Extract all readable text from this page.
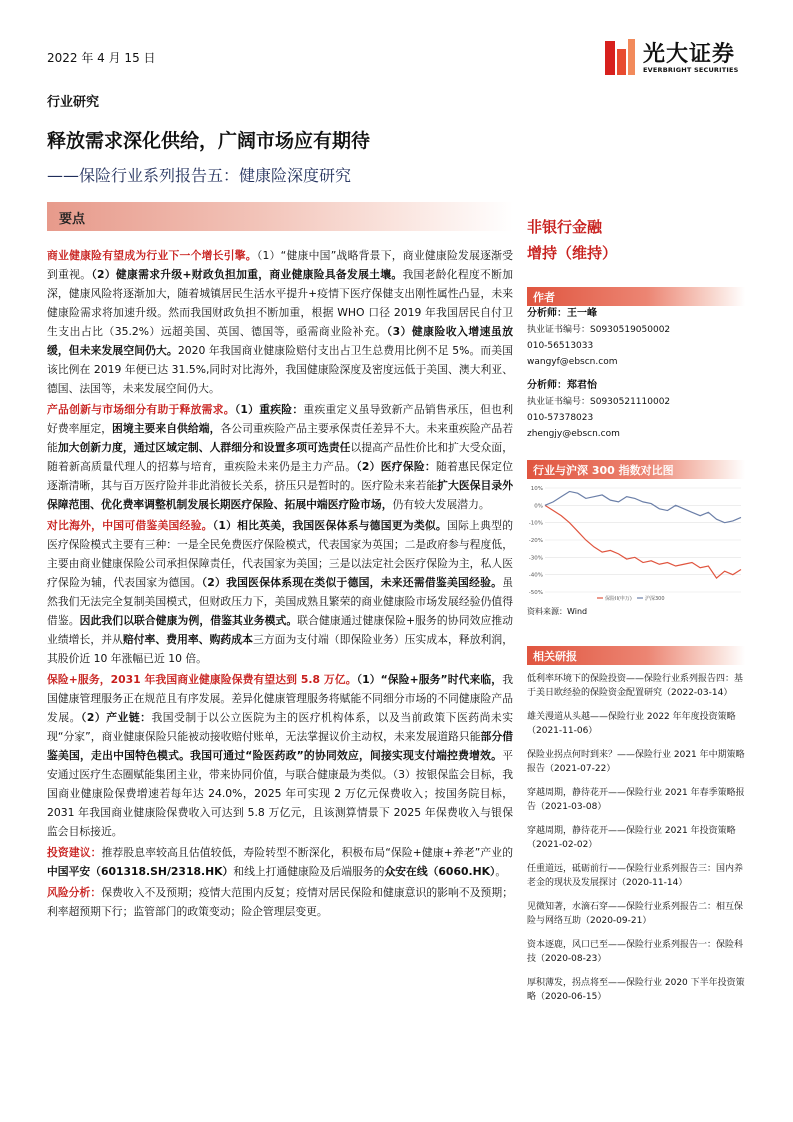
2022 年 4 月 15 日	光大证券
EVERBRIGHT SECURITIES
行业研究
释放需求深化供给，广阔市场应有期待
——保险行业系列报告五：健康险深度研究
要点

商业健康险有望成为行业下一个增长引擎。（1）“健康中国”战略背景下，商业健康险发展逐渐受到重视。（2）健康需求升级+财政负担加重，商业健康险具备发展土壤。我国老龄化程度不断加深，健康风险将逐渐加大，随着城镇居民生活水平提升+疫情下医疗保健支出刚性属性凸显，未来健康险需求将加速升级。然而我国财政负担不断加重，根据 WHO 口径 2019 年我国居民自付卫生支出占比（35.2%）远超美国、英国、德国等，亟需商业险补充。（3）健康险收入增速虽放缓，但未来发展空间仍大。2020 年我国商业健康险赔付支出占卫生总费用比例不足 5%。而美国该比例在 2019 年便已达 31.5%,同时对比海外，我国健康险深度及密度远低于美国、澳大利亚、德国、法国等，未来发展空间仍大。

产品创新与市场细分有助于释放需求。（1）重疾险：重疾重定义虽导致新产品销售承压，但也利好费率厘定，困境主要来自供给端，各公司重疾险产品主要承保责任差异不大。未来重疾险产品若能加大创新力度，通过区域定制、人群细分和设置多项可选责任以提高产品性价比和扩大受众面，随着新高质量代理人的招募与培育，重疾险未来仍是主力产品。（2）医疗保险：随着惠民保定位逐渐清晰，其与百万医疗险并非此消彼长关系，挤压只是暂时的。医疗险未来若能扩大医保目录外保障范围、优化费率调整机制发展长期医疗保险、拓展中端医疗险市场，仍有较大发展潜力。

对比海外，中国可借鉴美国经验。（1）相比英美，我国医保体系与德国更为类似。国际上典型的医疗保险模式主要有三种：一是全民免费医疗保险模式，代表国家为英国；二是政府参与程度低，主要由商业健康保险公司承担保障责任，代表国家为美国；三是以法定社会医疗保险为主，私人医疗保险为辅，代表国家为德国。（2）我国医保体系现在类似于德国，未来还需借鉴美国经验。虽然我们无法完全复制美国模式，但财政压力下，美国成熟且繁荣的商业健康险市场发展经验仍值得借鉴。因此我们以联合健康为例，借鉴其业务模式。联合健康通过健康保险+服务的协同效应推动业绩增长，并从赔付率、费用率、购药成本三方面为支付端（即保险业务）压实成本，释放利润，其股价近 10 年涨幅已近 10 倍。

保险+服务，2031 年我国商业健康险保费有望达到 5.8 万亿。（1）“保险+服务”时代来临，我国健康管理服务正在规范且有序发展。差异化健康管理服务将赋能不同细分市场的不同健康险产品发展。（2）产业链：我国受制于以公立医院为主的医疗机构体系，以及当前政策下医药尚未实现“分家”，商业健康保险只能被动接收赔付账单，无法掌握议价主动权，未来发展道路只能部分借鉴美国，走出中国特色模式。我国可通过“险医药政”的协同效应，间接实现支付端控费增效。平安通过医疗生态圈赋能集团主业，带来协同价值，与联合健康最为类似。（3）按银保监会目标，我国商业健康险保费增速若每年达 24.0%，2025 年可实现 2 万亿元保费收入；按国务院目标，2031 年我国商业健康险保费收入可达到 5.8 万亿元，且该测算情景下 2025 年保费收入与银保监会目标接近。

投资建议：推荐股息率较高且估值较低，寿险转型不断深化，积极布局“保险+健康+养老”产业的中国平安（601318.SH/2318.HK）和线上打通健康险及后端服务的众安在线（6060.HK）。

风险分析：保费收入不及预期；疫情大范围内反复；疫情对居民保险和健康意识的影响不及预期；利率超预期下行；监管部门的政策变动；险企管理层变更。

非银行金融
增持（维持）
作者
分析师：王一峰
执业证书编号：S0930519050002
010-56513033
wangyf@ebscn.com
分析师：郑君怡
执业证书编号：S0930521110002
010-57378023
zhengjy@ebscn.com
行业与沪深 300 指数对比图
10%
0%
-10%
-20%
-30%
-40%
-50%
保险II(申万)	沪深300
资料来源：Wind
相关研报
低利率环境下的保险投资——保险行业系列报告四：基于美日欧经验的保险资金配置研究（2022-03-14）
雄关漫道从头越——保险行业 2022 年年度投资策略（2021-11-06）
保险业拐点何时到来？——保险行业 2021 年中期策略报告（2021-07-22）
穿越周期，静待花开——保险行业 2021 年春季策略报告（2021-03-08）
穿越周期，静待花开——保险行业 2021 年投资策略（2021-02-02）
任重道远，砥砺前行——保险行业系列报告三：国内养老金的现状及发展探讨（2020-11-14）
见微知著，水滴石穿——保险行业系列报告二：相互保险与网络互助（2020-09-21）
资本逐鹿，风口已至——保险行业系列报告一：保险科技（2020-08-23）
厚积薄发，拐点将至——保险行业 2020 下半年投资策略（2020-06-15）
